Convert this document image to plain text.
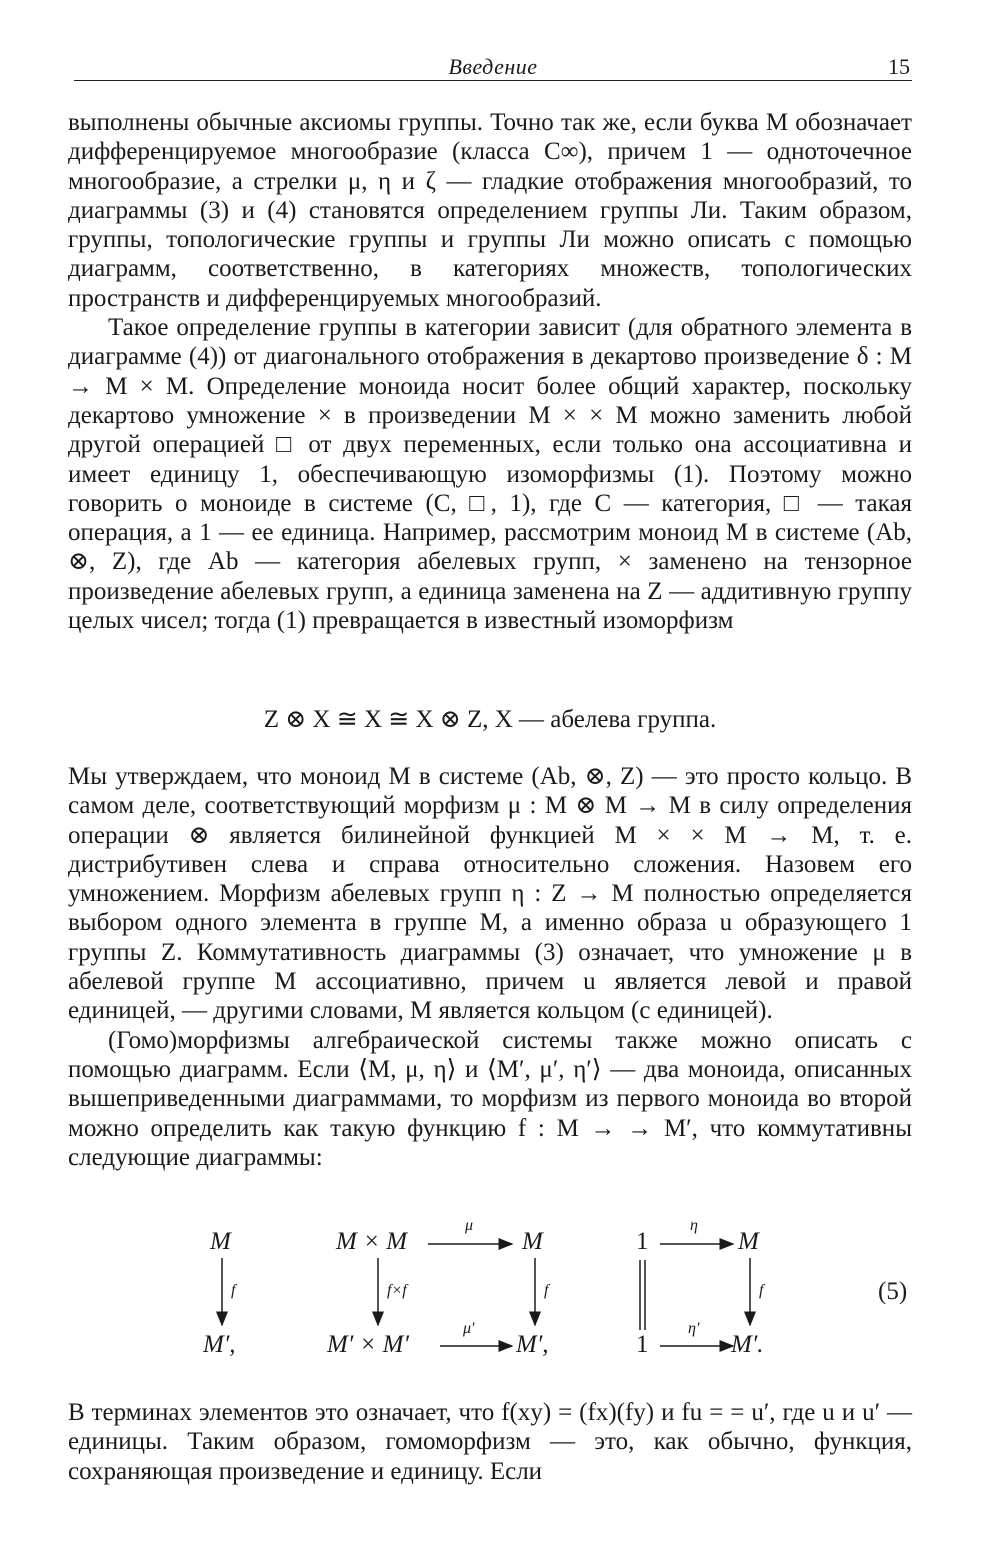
Введение	15

выполнены обычные аксиомы группы. Точно так же, если буква M обозначает дифференцируемое многообразие (класса C∞), причем 1 — одноточечное многообразие, а стрелки μ, η и ζ — гладкие отображения многообразий, то диаграммы (3) и (4) становятся определением группы Ли. Таким образом, группы, топологические группы и группы Ли можно описать с помощью диаграмм, соответственно, в категориях множеств, топологических пространств и дифференцируемых многообразий.

Такое определение группы в категории зависит (для обратного элемента в диаграмме (4)) от диагонального отображения в декартово произведение δ : M → M × M. Определение моноида носит более общий характер, поскольку декартово умножение × в произведении M × × M можно заменить любой другой операцией □ от двух переменных, если только она ассоциативна и имеет единицу 1, обеспечивающую изоморфизмы (1). Поэтому можно говорить о моноиде в системе (C, □, 1), где C — категория, □ — такая операция, а 1 — ее единица. Например, рассмотрим моноид M в системе (Ab, ⊗, Z), где Ab — категория абелевых групп, × заменено на тензорное произведение абелевых групп, а единица заменена на Z — аддитивную группу целых чисел; тогда (1) превращается в известный изоморфизм

Z ⊗ X ≅ X ≅ X ⊗ Z, X — абелева группа.

Мы утверждаем, что моноид M в системе (Ab, ⊗, Z) — это просто кольцо. В самом деле, соответствующий морфизм μ : M ⊗ M → M в силу определения операции ⊗ является билинейной функцией M × × M → M, т. е. дистрибутивен слева и справа относительно сложения. Назовем его умножением. Морфизм абелевых групп η : Z → M полностью определяется выбором одного элемента в группе M, а именно образа u образующего 1 группы Z. Коммутативность диаграммы (3) означает, что умножение μ в абелевой группе M ассоциативно, причем u является левой и правой единицей, — другими словами, M является кольцом (с единицей).

(Гомо)морфизмы алгебраической системы также можно описать с помощью диаграмм. Если ⟨M, μ, η⟩ и ⟨M′, μ′, η′⟩ — два моноида, описанных вышеприведенными диаграммами, то морфизм из первого моноида во второй можно определить как такую функцию f : M → → M′, что коммутативны следующие диаграммы:

M
f
M′,
M × M
μ
M
f×f	f
M′ × M′
μ′
M′,
1
η
M
f
1
η′
M′.
(5)

В терминах элементов это означает, что f(xy) = (fx)(fy) и fu = = u′, где u и u′ — единицы. Таким образом, гомоморфизм — это, как обычно, функция, сохраняющая произведение и единицу. Если
